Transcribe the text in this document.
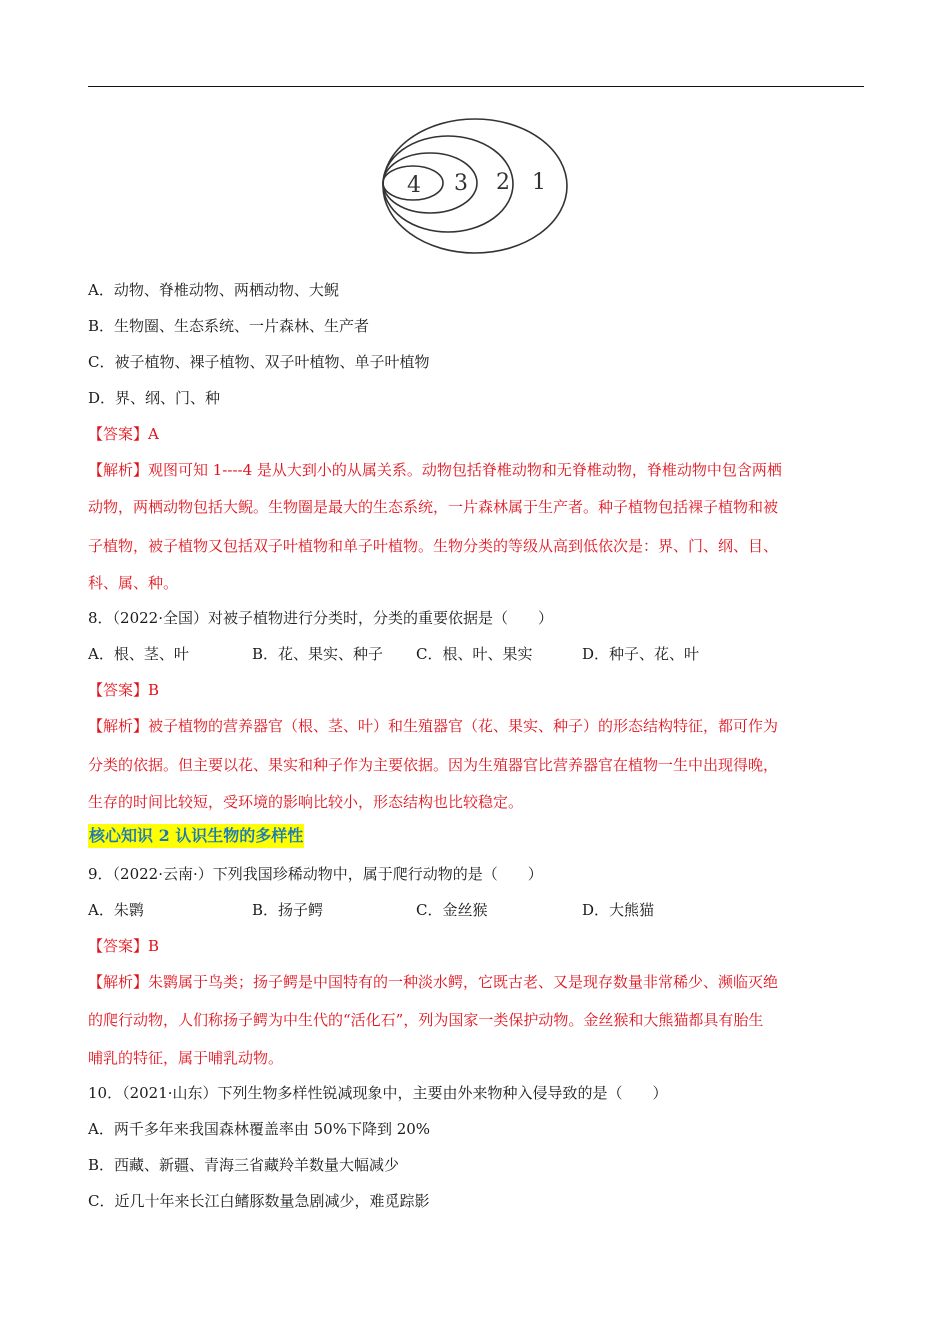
4 3 2 1
A．动物、脊椎动物、两栖动物、大鲵
B．生物圈、生态系统、一片森林、生产者
C．被子植物、裸子植物、双子叶植物、单子叶植物
D．界、纲、门、种
【答案】A
【解析】观图可知 1----4 是从大到小的从属关系。动物包括脊椎动物和无脊椎动物，脊椎动物中包含两栖
动物，两栖动物包括大鲵。生物圈是最大的生态系统，一片森林属于生产者。种子植物包括裸子植物和被
子植物，被子植物又包括双子叶植物和单子叶植物。生物分类的等级从高到低依次是：界、门、纲、目、
科、属、种。
8．（2022·全国）对被子植物进行分类时，分类的重要依据是（　　）
A．根、茎、叶	B．花、果实、种子 C．根、叶、果实	D．种子、花、叶
【答案】B
【解析】被子植物的营养器官（根、茎、叶）和生殖器官（花、果实、种子）的形态结构特征，都可作为
分类的依据。但主要以花、果实和种子作为主要依据。因为生殖器官比营养器官在植物一生中出现得晚，
生存的时间比较短，受环境的影响比较小，形态结构也比较稳定。
核心知识 2 认识生物的多样性
9．（2022·云南·）下列我国珍稀动物中，属于爬行动物的是（　　）
A．朱鹮	B．扬子鳄	C．金丝猴	D．大熊猫
【答案】B
【解析】朱鹮属于鸟类；扬子鳄是中国特有的一种淡水鳄，它既古老、又是现存数量非常稀少、濒临灭绝
的爬行动物，人们称扬子鳄为中生代的“活化石”，列为国家一类保护动物。金丝猴和大熊猫都具有胎生
哺乳的特征，属于哺乳动物。
10．（2021·山东）下列生物多样性锐减现象中，主要由外来物种入侵导致的是（　　）
A．两千多年来我国森林覆盖率由 50%下降到 20%
B．西藏、新疆、青海三省藏羚羊数量大幅减少
C．近几十年来长江白鳍豚数量急剧减少，难觅踪影
